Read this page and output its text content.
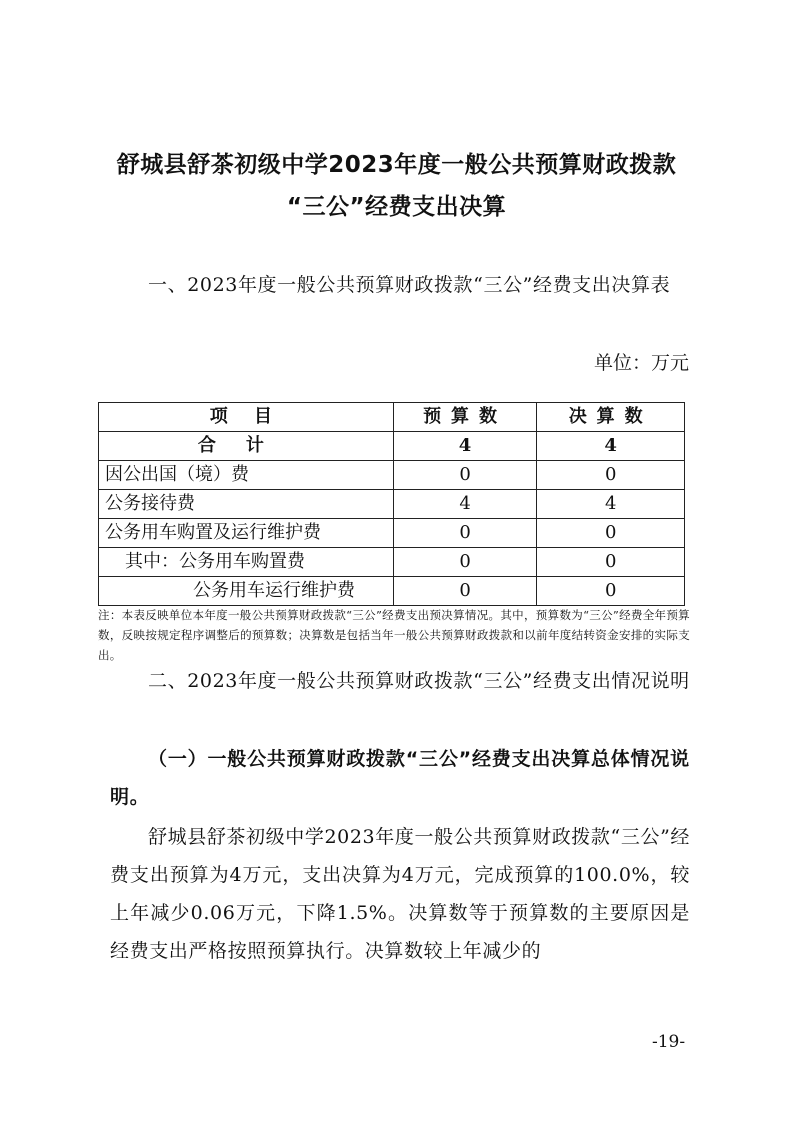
舒城县舒茶初级中学2023年度一般公共预算财政拨款
“三公”经费支出决算

一、2023年度一般公共预算财政拨款“三公”经费支出决算表

单位：万元
项 目	预算数	决算数
合计	4	4
因公出国（境）费	0	0
公务接待费	4	4
公务用车购置及运行维护费	0	0
其中：公务用车购置费	0	0
公务用车运行维护费	0	0

注：本表反映单位本年度一般公共预算财政拨款“三公”经费支出预决算情况。其中，预算数为“三公”经费全年预算数，反映按规定程序调整后的预算数；决算数是包括当年一般公共预算财政拨款和以前年度结转资金安排的实际支出。

二、2023年度一般公共预算财政拨款“三公”经费支出情况说明

（一）一般公共预算财政拨款“三公”经费支出决算总体情况说明。

舒城县舒茶初级中学2023年度一般公共预算财政拨款“三公”经费支出预算为4万元，支出决算为4万元，完成预算的100.0%，较上年减少0.06万元，下降1.5%。决算数等于预算数的主要原因是经费支出严格按照预算执行。决算数较上年减少的

-19-
